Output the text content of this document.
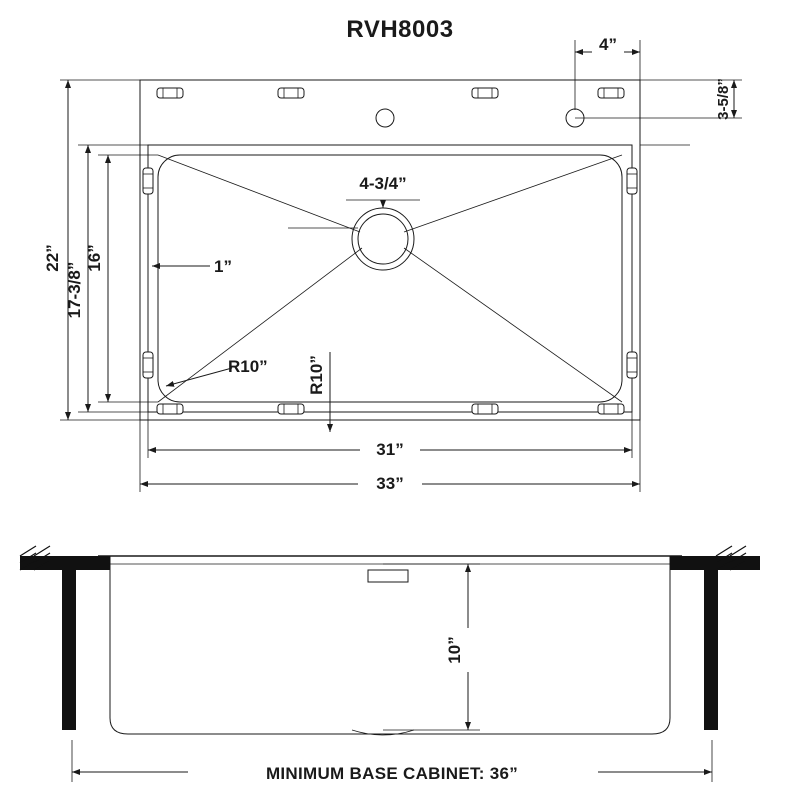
RVH8003
22”
17-3/8”
16”	1”
R10”
R10”
4-3/4”
31”
33”
4”
3-5/8”
10”
MINIMUM BASE CABINET: 36”
